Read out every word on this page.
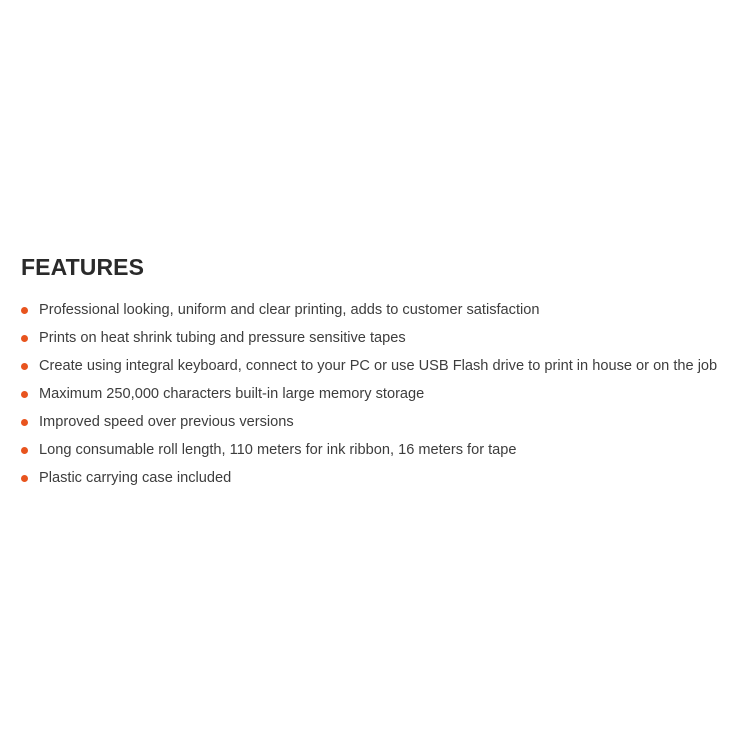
FEATURES
Professional looking, uniform and clear printing, adds to customer satisfaction
Prints on heat shrink tubing and pressure sensitive tapes
Create using integral keyboard, connect to your PC or use USB Flash drive to print in house or on the job
Maximum 250,000 characters built-in large memory storage
Improved speed over previous versions
Long consumable roll length, 110 meters for ink ribbon, 16 meters for tape
Plastic carrying case included
